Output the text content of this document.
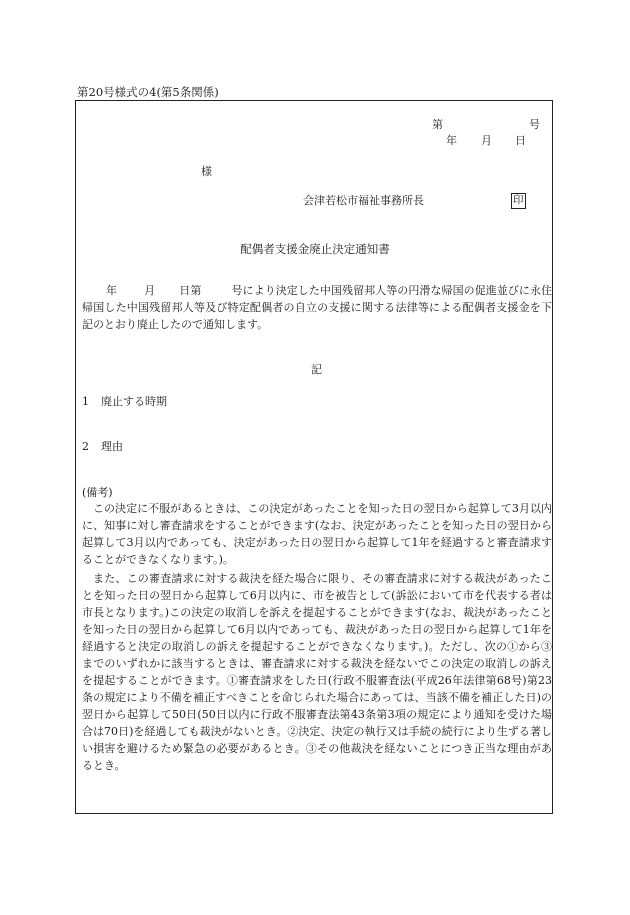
第20号様式の4(第5条関係)
第	号
年 月 日
様
会津若松市福祉事務所長	印
配偶者支援金廃止決定通知書

年 月 日第	号により決定した中国残留邦人等の円滑な帰国の促進並びに永住帰国した中国残留邦人等及び特定配偶者の自立の支援に関する法律等による配偶者支援金を下記のとおり廃止したので通知します。

記
1 廃止する時期
2 理由
(備考)

この決定に不服があるときは、この決定があったことを知った日の翌日から起算して3月以内に、知事に対し審査請求をすることができます(なお、決定があったことを知った日の翌日から起算して3月以内であっても、決定があった日の翌日から起算して1年を経過すると審査請求することができなくなります。)。

また、この審査請求に対する裁決を経た場合に限り、その審査請求に対する裁決があったことを知った日の翌日から起算して6月以内に、市を被告として(訴訟において市を代表する者は市長となります。)この決定の取消しを訴えを提起することができます(なお、裁決があったことを知った日の翌日から起算して6月以内であっても、裁決があった日の翌日から起算して1年を経過すると決定の取消しの訴えを提起することができなくなります。)。ただし、次の①から③までのいずれかに該当するときは、審査請求に対する裁決を経ないでこの決定の取消しの訴えを提起することができます。①審査請求をした日(行政不服審査法(平成26年法律第68号)第23条の規定により不備を補正すべきことを命じられた場合にあっては、当該不備を補正した日)の翌日から起算して50日(50日以内に行政不服審査法第43条第3項の規定により通知を受けた場合は70日)を経過しても裁決がないとき。②決定、決定の執行又は手続の続行により生ずる著しい損害を避けるため緊急の必要があるとき。③その他裁決を経ないことにつき正当な理由があるとき。
